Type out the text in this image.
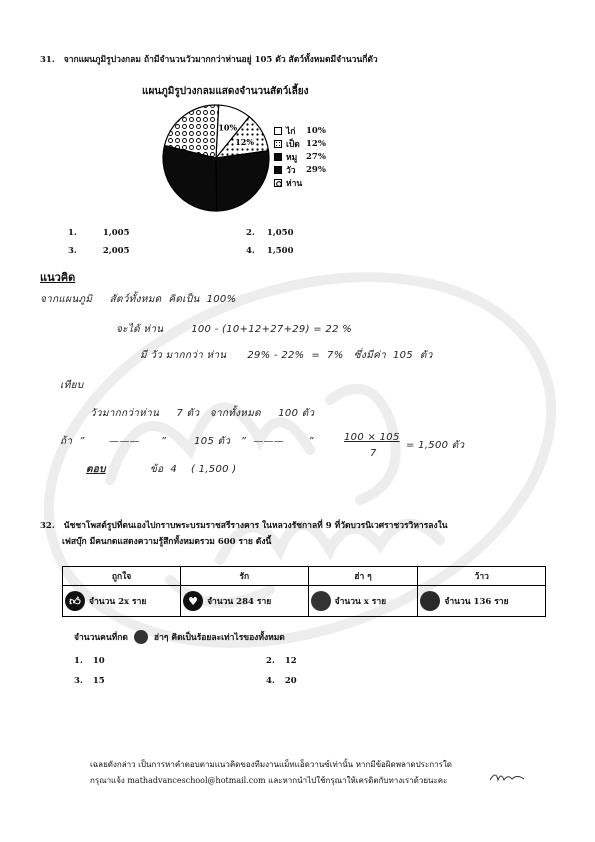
31. จากแผนภูมิรูปวงกลม ถ้ามีจำนวนวัวมากกว่าห่านอยู่ 105 ตัว สัตว์ทั้งหมดมีจำนวนกี่ตัว
แผนภูมิรูปวงกลมแสดงจำนวนสัตว์เลี้ยง
10%
12%
ไก่	10%
เป็ด 12%
หมู	27%
วัว	29%
ห่าน
1.	1,005	2. 1,050
3.	2,005	4. 1,500
แนวคิด
จากแผนภูมิ     สัตว์ทั้งหมด  คิดเป็น  100%
จะได้ ห่าน        100 - (10+12+27+29) = 22 %
มี วัว มากกว่า ห่าน      29% - 22%  =  7%   ซึ่งมีค่า  105  ตัว
เทียบ
วัวมากกว่าห่าน     7 ตัว   จากทั้งหมด     100 ตัว
ถ้า  ”       ———      ”        105 ตัว   ”  ———       ”	100 × 105
7
= 1,500 ตัว
ตอบ	ข้อ  4    ( 1,500 )
32. นัชชาโพสต์รูปที่ตนเองไปกราบพระบรมราชสรีรางคาร ในหลวงรัชกาลที่ 9 ที่วัดบวรนิเวศราชวรวิหารลงใน
เฟสบุ๊ก มีคนกดแสดงความรู้สึกทั้งหมดรวม 600 ราย ดังนี้
ถูกใจ	รัก	ฮ่า ๆ	ว้าว

👍︎ จำนวน 2x ราย	♥ จำนวน 284 ราย	จำนวน x ราย	จำนวน 136 ราย
จำนวนคนที่กด	ฮ่าๆ คิดเป็นร้อยละเท่าไรของทั้งหมด
1. 10	2. 12
3. 15	4. 20
เฉลยดังกล่าว เป็นการหาคำตอบตามแนวคิดของทีมงานแม็ทแอ็ดวานซ์เท่านั้น หากมีข้อผิดพลาดประการใด
กรุณาแจ้ง mathadvanceschool@hotmail.com และหากนำไปใช้กรุณาให้เครดิตกับทางเราด้วยนะคะ
